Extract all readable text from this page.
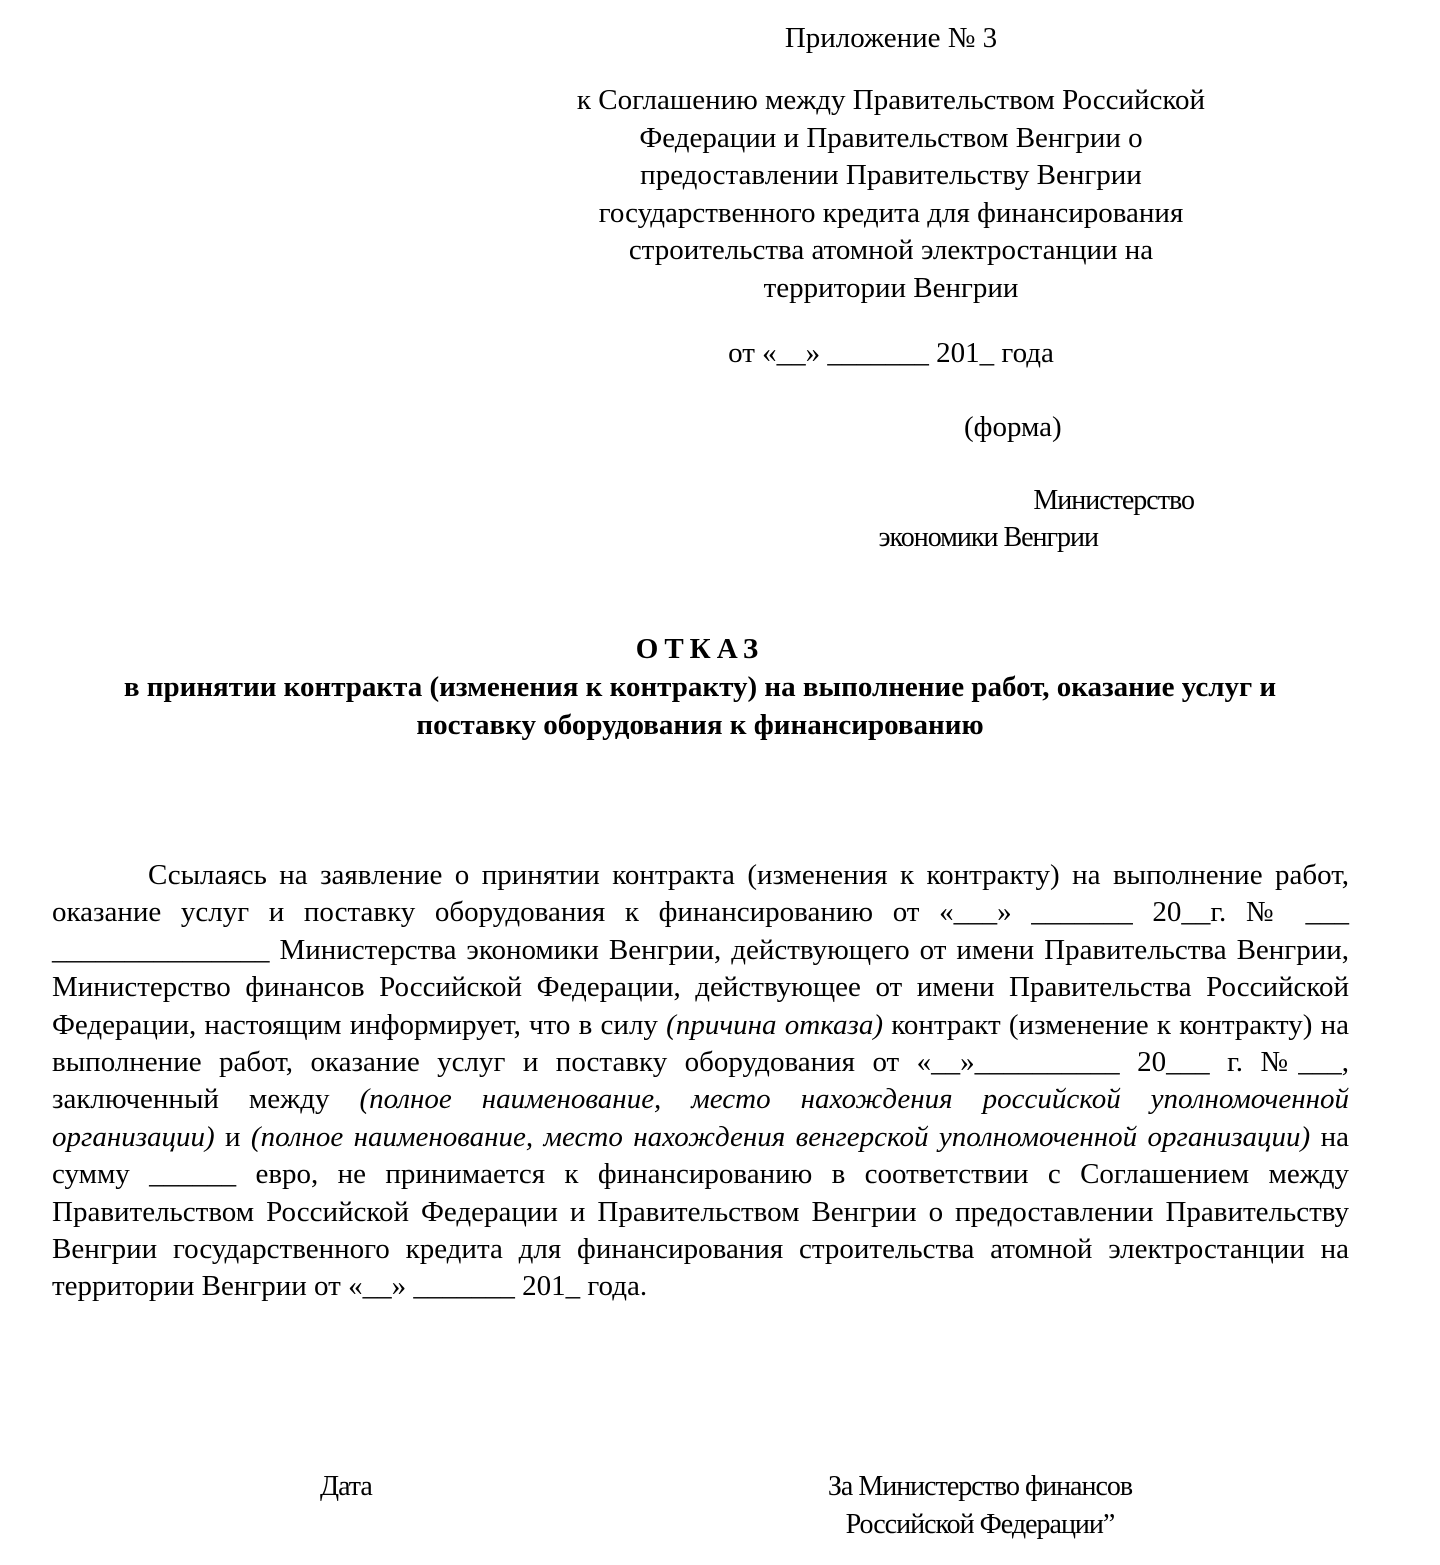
Приложение № 3
к Соглашению между Правительством Российской
Федерации и Правительством Венгрии о
предоставлении Правительству Венгрии
государственного кредита для финансирования
строительства атомной электростанции на
территории Венгрии
от «__» _______ 201_ года
(форма)
Министерство
экономики Венгрии
ОТКАЗ
в принятии контракта (изменения к контракту) на выполнение работ, оказание услуг и
поставку оборудования к финансированию

Ссылаясь на заявление о принятии контракта (изменения к контракту) на выполнение работ, оказание услуг и поставку оборудования к финансированию от «___» _______ 20__г. № ___ _______________ Министерства экономики Венгрии, действующего от имени Правительства Венгрии, Министерство финансов Российской Федерации, действующее от имени Правительства Российской Федерации, настоящим информирует, что в силу (причина отказа) контракт (изменение к контракту) на выполнение работ, оказание услуг и поставку оборудования от «__»__________ 20___ г. №___, заключенный между (полное наименование, место нахождения российской уполномоченной организации) и (полное наименование, место нахождения венгерской уполномоченной организации) на сумму ______ евро, не принимается к финансированию в соответствии с Соглашением между Правительством Российской Федерации и Правительством Венгрии о предоставлении Правительству Венгрии государственного кредита для финансирования строительства атомной электростанции на территории Венгрии от «__» _______ 201_ года.

Дата	За Министерство финансов
Российской Федерации”
